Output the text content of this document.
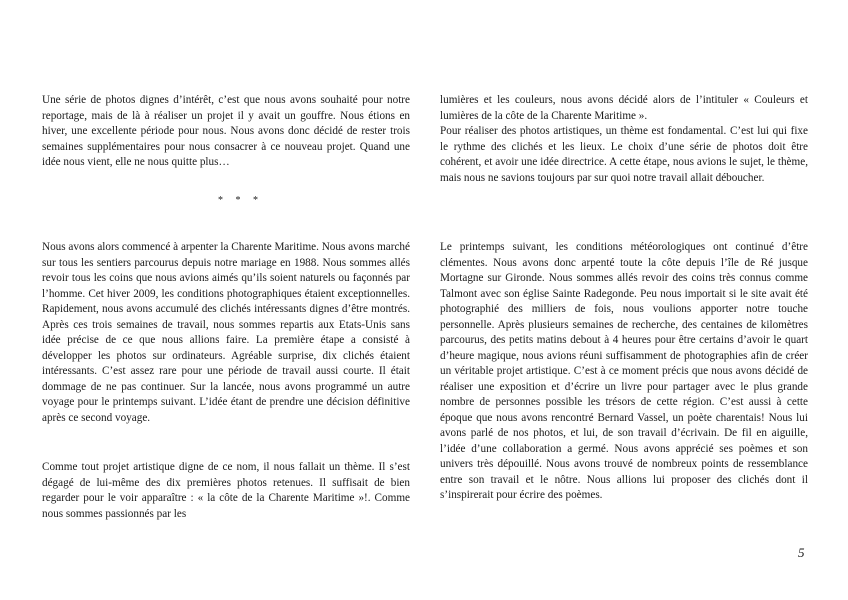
Une série de photos dignes d’intérêt, c’est que nous avons souhaité pour notre reportage, mais de là à réaliser un projet il y avait un gouffre. Nous étions en hiver, une excellente période pour nous. Nous avons donc décidé de rester trois semaines supplémentaires pour nous consacrer à ce nouveau projet. Quand une idée nous vient, elle ne nous quitte plus…

* * *

Nous avons alors commencé à arpenter la Charente Maritime. Nous avons marché sur tous les sentiers parcourus depuis notre mariage en 1988. Nous sommes allés revoir tous les coins que nous avions aimés qu’ils soient naturels ou façonnés par l’homme. Cet hiver 2009, les conditions photographiques étaient exceptionnelles. Rapidement, nous avons accumulé des clichés intéressants dignes d’être montrés. Après ces trois semaines de travail, nous sommes repartis aux Etats-Unis sans idée précise de ce que nous allions faire. La première étape a consisté à développer les photos sur ordinateurs. Agréable surprise, dix clichés étaient intéressants. C’est assez rare pour une période de travail aussi courte. Il était dommage de ne pas continuer. Sur la lancée, nous avons programmé un autre voyage pour le printemps suivant. L’idée étant de prendre une décision définitive après ce second voyage.

Comme tout projet artistique digne de ce nom, il nous fallait un thème. Il s’est dégagé de lui-même des dix premières photos retenues. Il suffisait de bien regarder pour le voir apparaître : « la côte de la Charente Maritime »!. Comme nous sommes passionnés par les

lumières et les couleurs, nous avons décidé alors de l’intituler « Couleurs et lumières de la côte de la Charente Maritime ».

Pour réaliser des photos artistiques, un thème est fondamental. C’est lui qui fixe le rythme des clichés et les lieux. Le choix d’une série de photos doit être cohérent, et avoir une idée directrice. A cette étape, nous avions le sujet, le thème, mais nous ne savions toujours par sur quoi notre travail allait déboucher.

Le printemps suivant, les conditions météorologiques ont continué d’être clémentes. Nous avons donc arpenté toute la côte depuis l’île de Ré jusque Mortagne sur Gironde. Nous sommes allés revoir des coins très connus comme Talmont avec son église Sainte Radegonde. Peu nous importait si le site avait été photographié des milliers de fois, nous voulions apporter notre touche personnelle. Après plusieurs semaines de recherche, des centaines de kilomètres parcourus, des petits matins debout à 4 heures pour être certains d’avoir le quart d’heure magique, nous avions réuni suffisamment de photographies afin de créer un véritable projet artistique. C’est à ce moment précis que nous avons décidé de réaliser une exposition et d’écrire un livre pour partager avec le plus grande nombre de personnes possible les trésors de cette région. C’est aussi à cette époque que nous avons rencontré Bernard Vassel, un poète charentais! Nous lui avons parlé de nos photos, et lui, de son travail d’écrivain. De fil en aiguille, l’idée d’une collaboration a germé. Nous avons apprécié ses poèmes et son univers très dépouillé. Nous avons trouvé de nombreux points de ressemblance entre son travail et le nôtre. Nous allions lui proposer des clichés dont il s’inspirerait pour écrire des poèmes.

5
